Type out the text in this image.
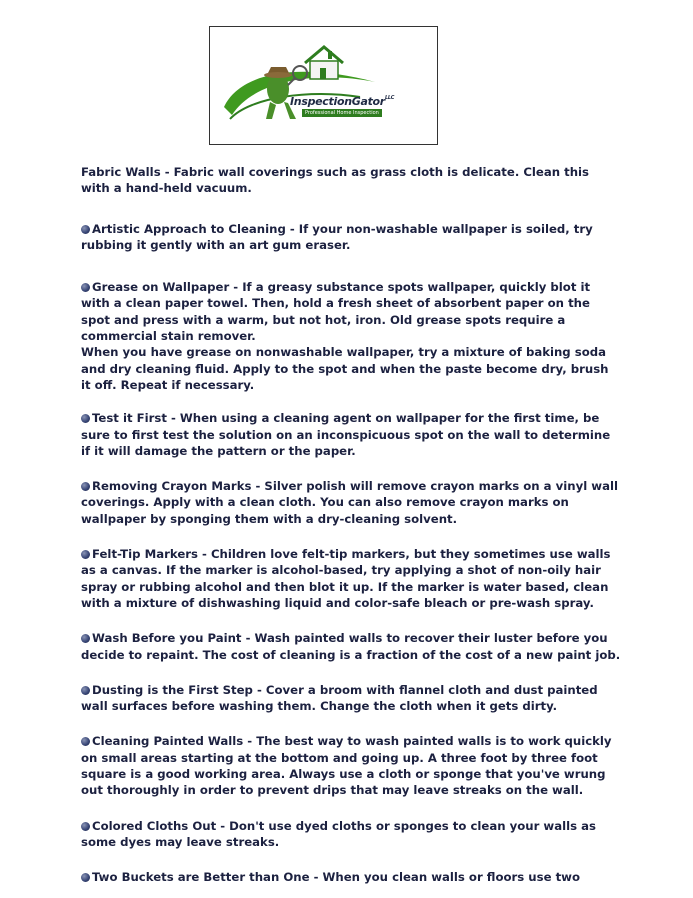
InspectionGator$^{LLC}$
Professional Home Inspection

Fabric Walls - Fabric wall coverings such as grass cloth is delicate. Clean this with a hand-held vacuum.

Artistic Approach to Cleaning - If your non-washable wallpaper is soiled, try rubbing it gently with an art gum eraser.

Grease on Wallpaper - If a greasy substance spots wallpaper, quickly blot it with a clean paper towel. Then, hold a fresh sheet of absorbent paper on the spot and press with a warm, but not hot, iron. Old grease spots require a commercial stain remover.

When you have grease on nonwashable wallpaper, try a mixture of baking soda and dry cleaning fluid. Apply to the spot and when the paste become dry, brush it off. Repeat if necessary.

Test it First - When using a cleaning agent on wallpaper for the first time, be sure to first test the solution on an inconspicuous spot on the wall to determine if it will damage the pattern or the paper.

Removing Crayon Marks - Silver polish will remove crayon marks on a vinyl wall coverings. Apply with a clean cloth. You can also remove crayon marks on wallpaper by sponging them with a dry-cleaning solvent.

Felt-Tip Markers - Children love felt-tip markers, but they sometimes use walls as a canvas. If the marker is alcohol-based, try applying a shot of non-oily hair spray or rubbing alcohol and then blot it up. If the marker is water based, clean with a mixture of dishwashing liquid and color-safe bleach or pre-wash spray.

Wash Before you Paint - Wash painted walls to recover their luster before you decide to repaint. The cost of cleaning is a fraction of the cost of a new paint job.

Dusting is the First Step - Cover a broom with flannel cloth and dust painted wall surfaces before washing them. Change the cloth when it gets dirty.

Cleaning Painted Walls - The best way to wash painted walls is to work quickly on small areas starting at the bottom and going up. A three foot by three foot square is a good working area. Always use a cloth or sponge that you've wrung out thoroughly in order to prevent drips that may leave streaks on the wall.

Colored Cloths Out - Don't use dyed cloths or sponges to clean your walls as some dyes may leave streaks.

Two Buckets are Better than One - When you clean walls or floors use two
